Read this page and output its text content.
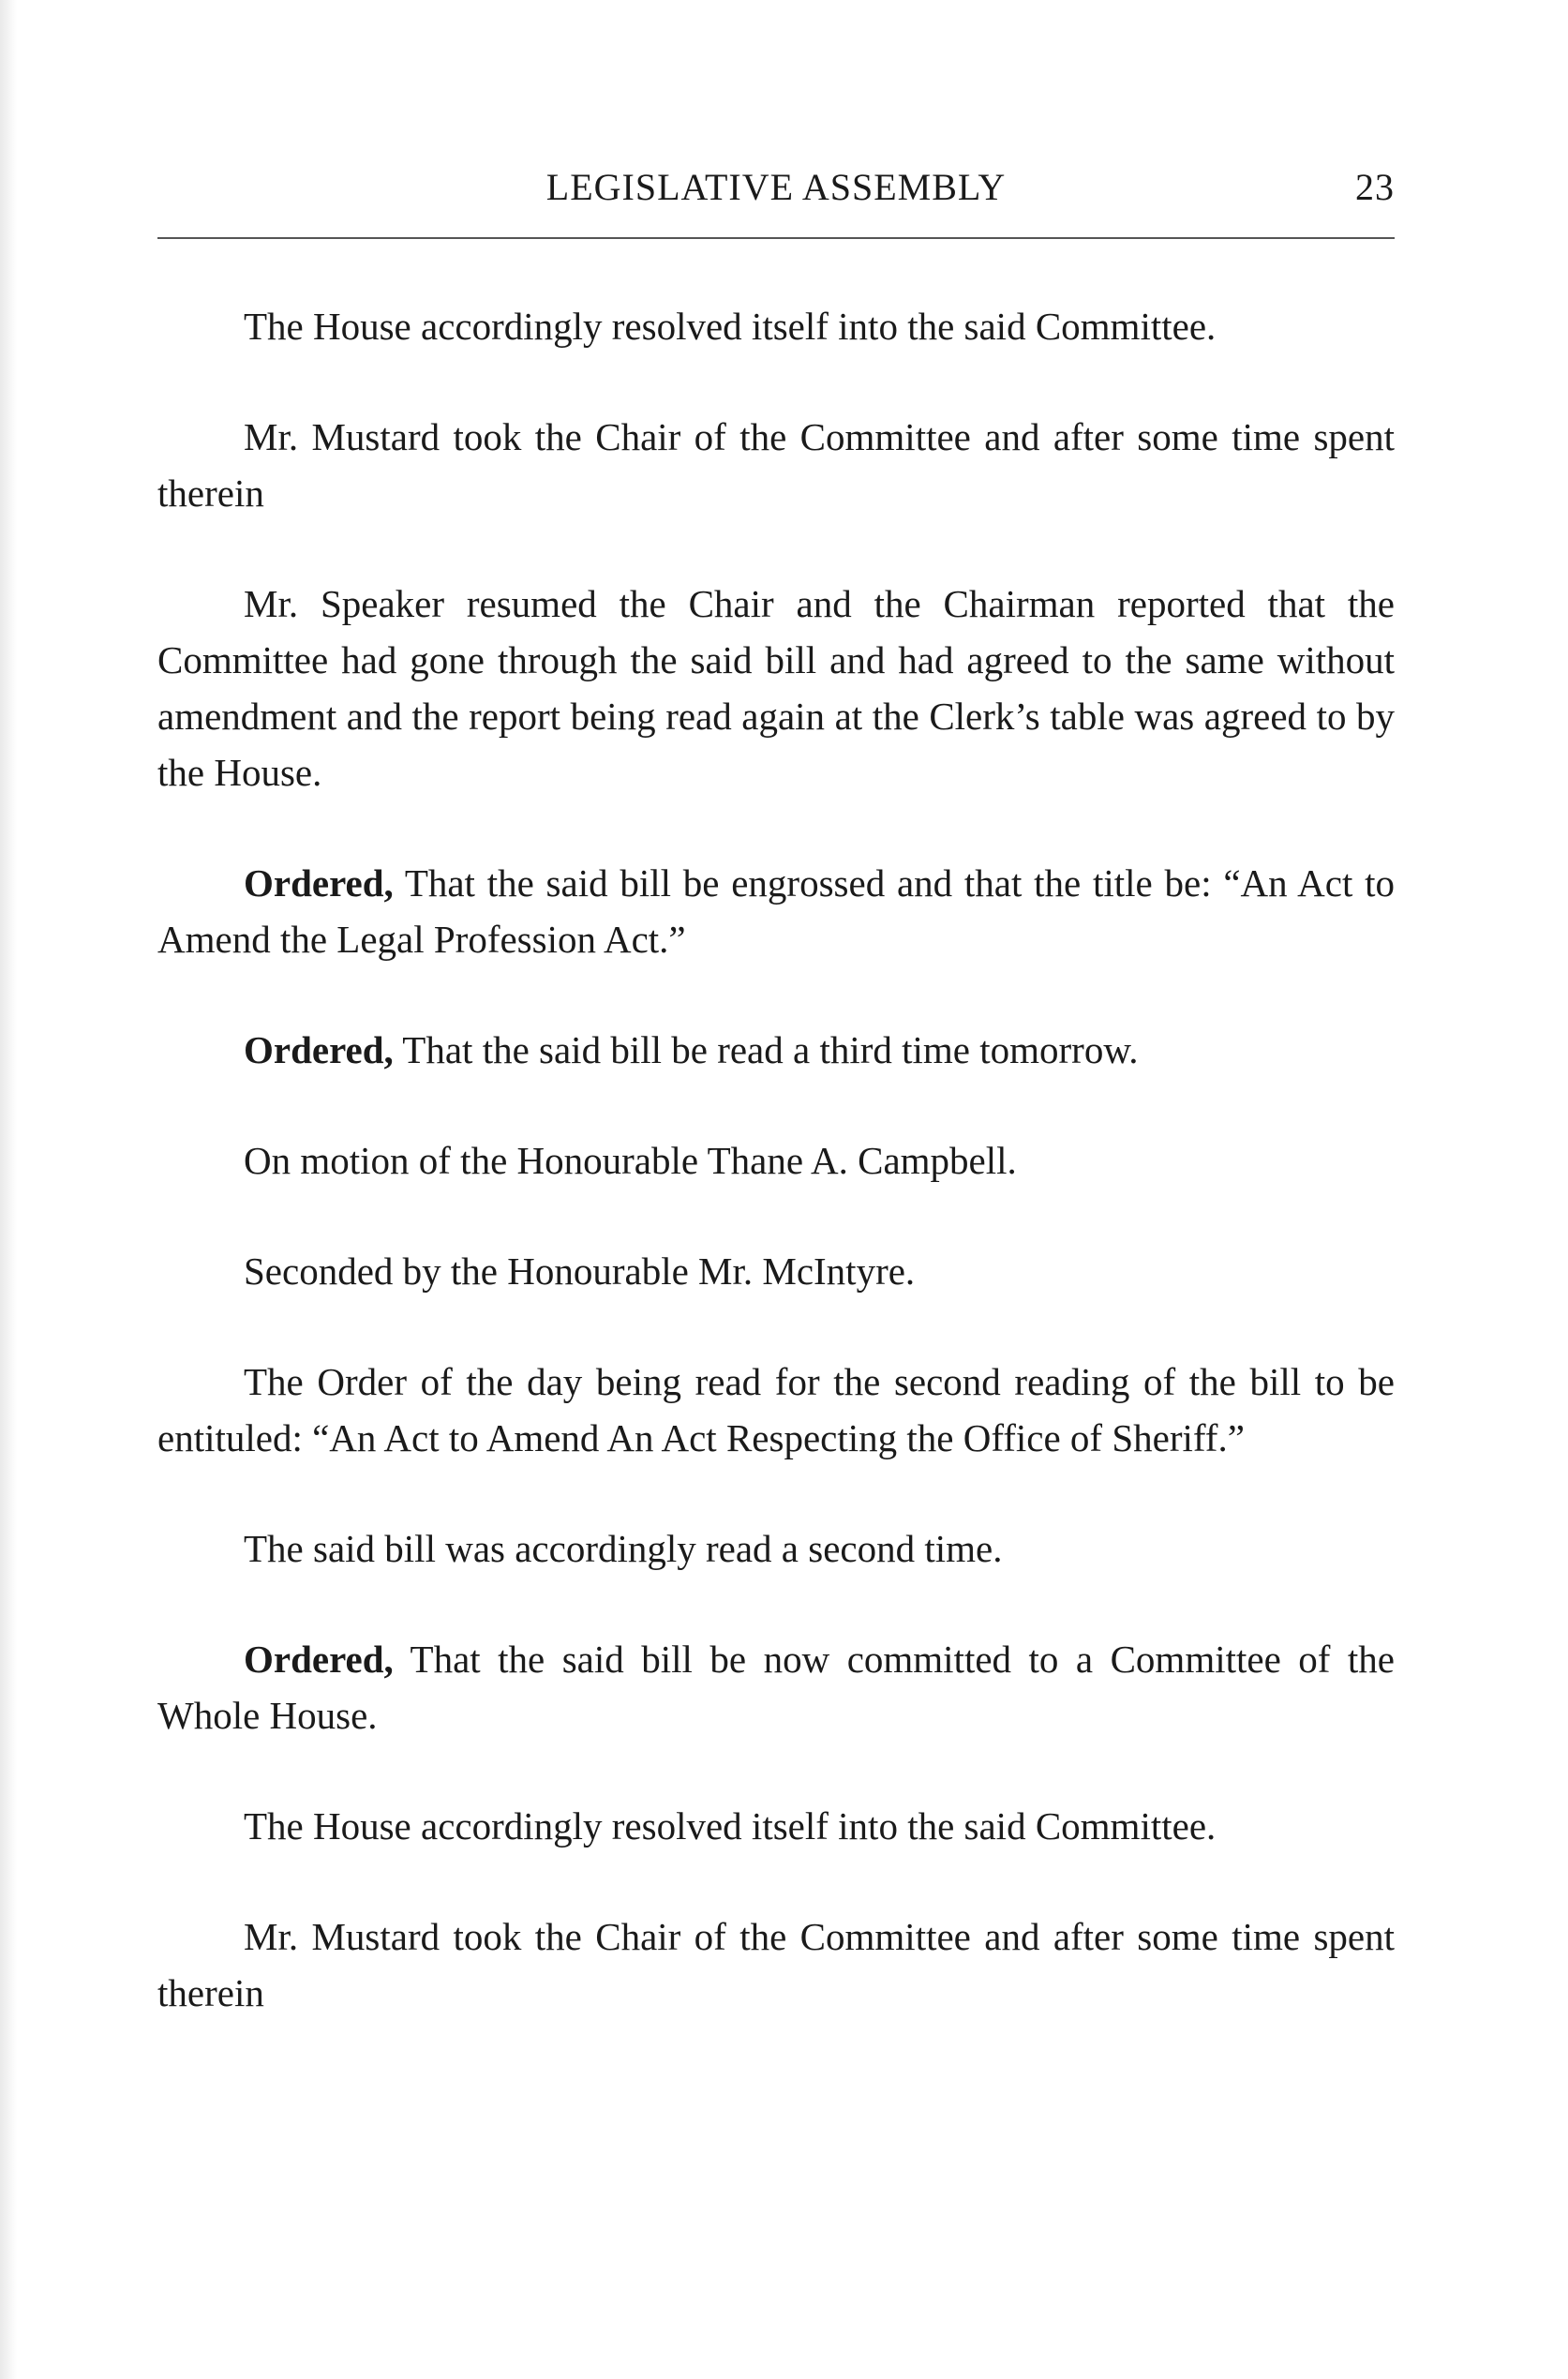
LEGISLATIVE ASSEMBLY	23

The House accordingly resolved itself into the said Committee.

Mr. Mustard took the Chair of the Committee and after some time spent therein

Mr. Speaker resumed the Chair and the Chairman reported that the Committee had gone through the said bill and had agreed to the same without amendment and the report being read again at the Clerk’s table was agreed to by the House.

Ordered, That the said bill be engrossed and that the title be: “An Act to Amend the Legal Profession Act.”

Ordered, That the said bill be read a third time tomorrow.

On motion of the Honourable Thane A. Campbell.

Seconded by the Honourable Mr. McIntyre.

The Order of the day being read for the second reading of the bill to be entituled: “An Act to Amend An Act Respecting the Office of Sheriff.”

The said bill was accordingly read a second time.

Ordered, That the said bill be now committed to a Committee of the Whole House.

The House accordingly resolved itself into the said Committee.

Mr. Mustard took the Chair of the Committee and after some time spent therein
